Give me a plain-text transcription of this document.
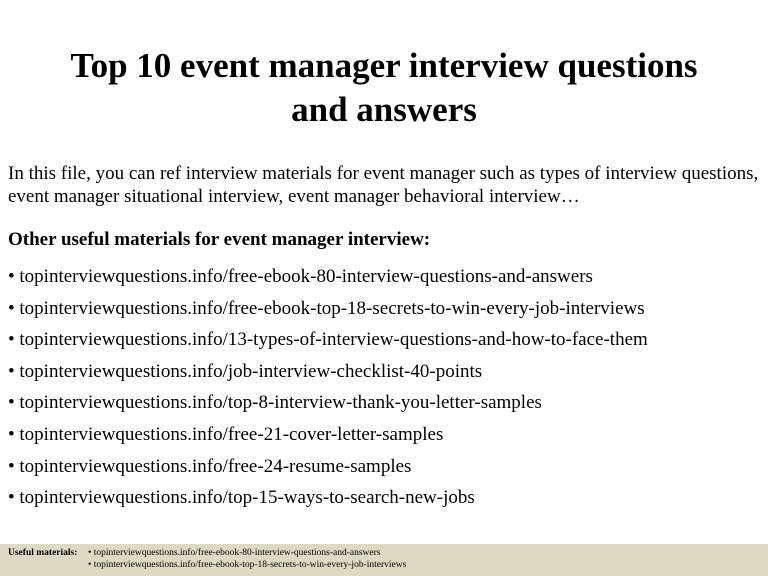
Top 10 event manager interview questions
and answers

In this file, you can ref interview materials for event manager such as types of interview questions, event manager situational interview, event manager behavioral interview…

Other useful materials for event manager interview:

• topinterviewquestions.info/free-ebook-80-interview-questions-and-answers
• topinterviewquestions.info/free-ebook-top-18-secrets-to-win-every-job-interviews
• topinterviewquestions.info/13-types-of-interview-questions-and-how-to-face-them
• topinterviewquestions.info/job-interview-checklist-40-points
• topinterviewquestions.info/top-8-interview-thank-you-letter-samples
• topinterviewquestions.info/free-21-cover-letter-samples
• topinterviewquestions.info/free-24-resume-samples
• topinterviewquestions.info/top-15-ways-to-search-new-jobs
Useful materials: • topinterviewquestions.info/free-ebook-80-interview-questions-and-answers
• topinterviewquestions.info/free-ebook-top-18-secrets-to-win-every-job-interviews
